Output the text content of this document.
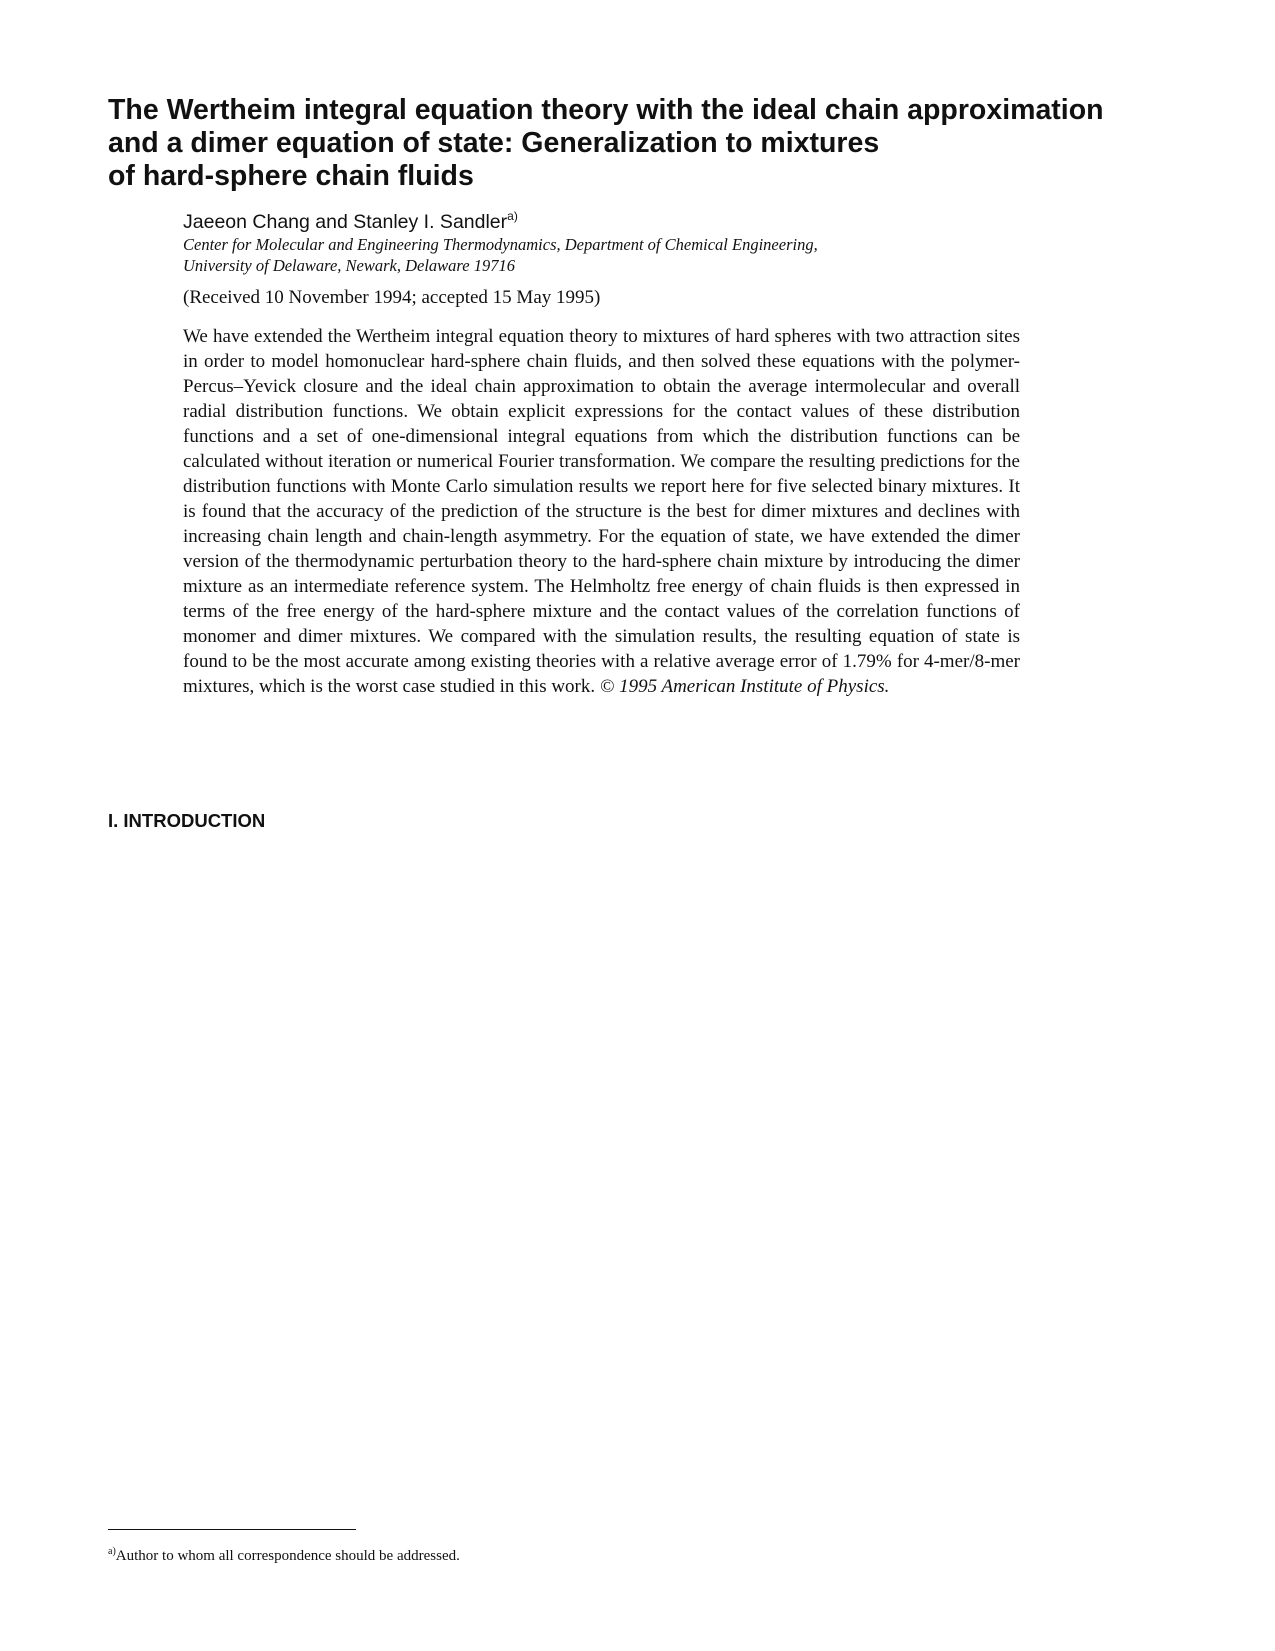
The Wertheim integral equation theory with the ideal chain approximation
and a dimer equation of state: Generalization to mixtures
of hard-sphere chain fluids
Jaeeon Chang and Stanley I. Sandler$^{a)}$
Center for Molecular and Engineering Thermodynamics, Department of Chemical Engineering,
University of Delaware, Newark, Delaware 19716
(Received 10 November 1994; accepted 15 May 1995)

We have extended the Wertheim integral equation theory to mixtures of hard spheres with two attraction sites in order to model homonuclear hard-sphere chain fluids, and then solved these equations with the polymer-Percus–Yevick closure and the ideal chain approximation to obtain the average intermolecular and overall radial distribution functions. We obtain explicit expressions for the contact values of these distribution functions and a set of one-dimensional integral equations from which the distribution functions can be calculated without iteration or numerical Fourier transformation. We compare the resulting predictions for the distribution functions with Monte Carlo simulation results we report here for five selected binary mixtures. It is found that the accuracy of the prediction of the structure is the best for dimer mixtures and declines with increasing chain length and chain-length asymmetry. For the equation of state, we have extended the dimer version of the thermodynamic perturbation theory to the hard-sphere chain mixture by introducing the dimer mixture as an intermediate reference system. The Helmholtz free energy of chain fluids is then expressed in terms of the free energy of the hard-sphere mixture and the contact values of the correlation functions of monomer and dimer mixtures. We compared with the simulation results, the resulting equation of state is found to be the most accurate among existing theories with a relative average error of 1.79% for 4-mer/8-mer mixtures, which is the worst case studied in this work. © 1995 American Institute of Physics.

I. INTRODUCTION

$^{a)}$Author to whom all correspondence should be addressed.
